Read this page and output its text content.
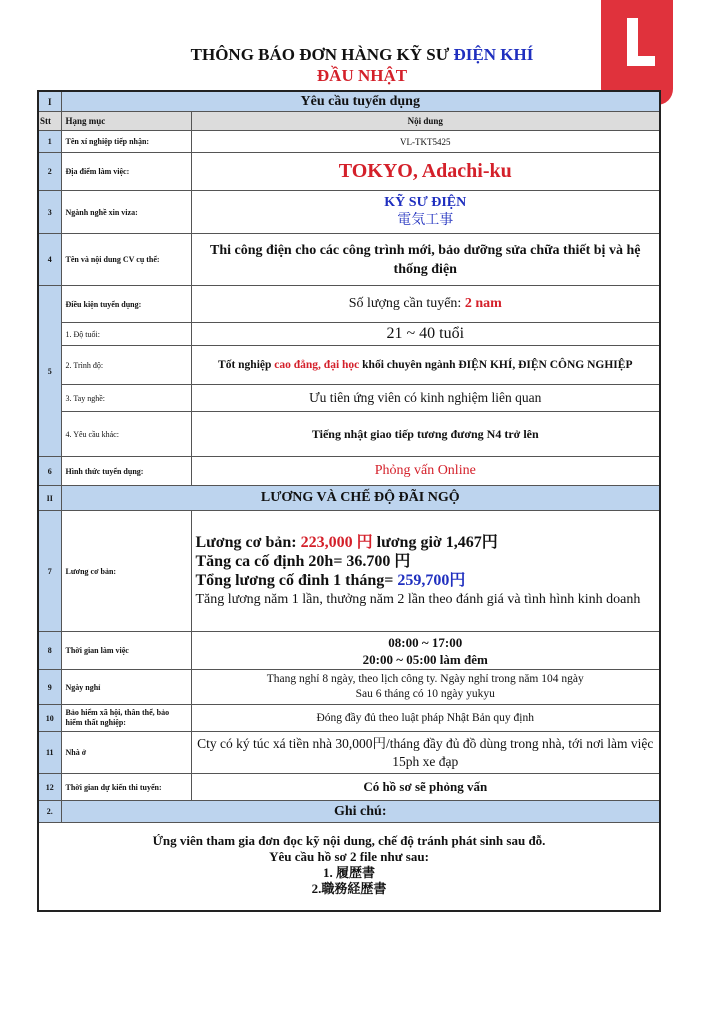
THÔNG BÁO ĐƠN HÀNG KỸ SƯ ĐIỆN KHÍ
ĐẦU NHẬT
I	Yêu cầu tuyển dụng	
Stt	Hạng mục	Nội dung
1	Tên xí nghiệp tiếp nhận:	VL-TKT5425
2	Địa điểm làm việc:	TOKYO, Adachi-ku
3	Ngành nghề xin viza:	KỸ SƯ ĐIỆN
電気工事

4	Tên và nội dung CV cụ thể:	Thi công điện cho các công trình mới, bảo dưỡng sửa chữa thiết bị và hệ thống điện
5	Điều kiện tuyển dụng:	Số lượng cần tuyển: 2 nam
	1. Độ tuổi:	21 ~ 40 tuổi
	2. Trình độ:	Tốt nghiệp cao đẳng, đại học khối chuyên ngành ĐIỆN KHÍ, ĐIỆN CÔNG NGHIỆP
	3. Tay nghề:	Ưu tiên ứng viên có kinh nghiệm liên quan
	4. Yêu cầu khác:	Tiếng nhật giao tiếp tương đương N4 trở lên
6	Hình thức tuyển dụng:	Phỏng vấn Online
II	LƯƠNG VÀ CHẾ ĐỘ ĐÃI NGỘ	
7	Lương cơ bản:	Lương cơ bản: 223,000 円 lương giờ 1,467円
Tăng ca cố định 20h= 36.700 円
Tổng lương cố đinh 1 tháng= 259,700円
Tăng lương năm 1 lần, thưởng năm 2 lần theo đánh giá và tình hình kinh doanh

8	Thời gian làm việc	08:00 ~ 17:00
20:00 ~ 05:00 làm đêm

9	Ngày nghỉ	Thang nghỉ 8 ngày, theo lịch công ty. Ngày nghỉ trong năm 104 ngày
Sau 6 tháng có 10 ngày yukyu

10	Bảo hiểm xã hội, thân thể, bảo hiểm thất nghiệp:	Đóng đầy đủ theo luật pháp Nhật Bản quy định
11	Nhà ở	Cty có ký túc xá tiền nhà 30,000円/tháng đầy đủ đồ dùng trong nhà, tới nơi làm việc 15ph xe đạp
12	Thời gian dự kiến thi tuyển:	Có hồ sơ sẽ phỏng vấn
2.	Ghi chú:	

Ứng viên tham gia đơn đọc kỹ nội dung, chế độ tránh phát sinh sau đỗ.
Yêu cầu hồ sơ 2 file như sau:
1. 履歴書
2.職務経歴書		
